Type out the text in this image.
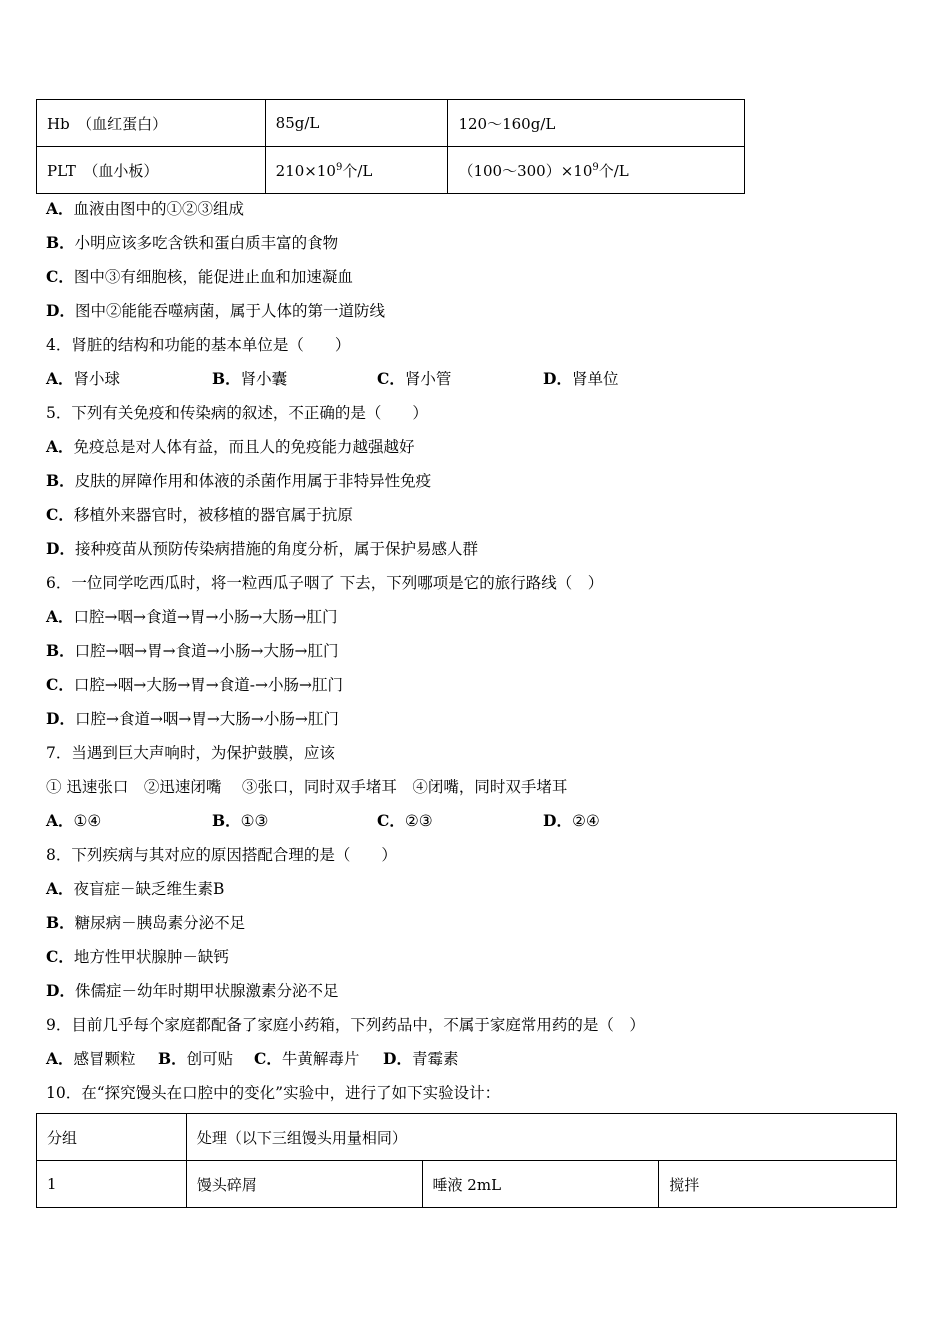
Hb　（血红蛋白）	85g/L	120～160g/L
PLT　（血小板）	$210\times 10^9$个/L	$(100\sim 300)\times 10^9$个/L
A．血液由图中的①②③组成
B．小明应该多吃含铁和蛋白质丰富的食物
C．图中③有细胞核，能促进止血和加速凝血
D．图中②能能吞噬病菌，属于人体的第一道防线
4．肾脏的结构和功能的基本单位是（　　）
A．肾小球	B．肾小囊	C．肾小管	D．肾单位
5．下列有关免疫和传染病的叙述，不正确的是（　　）
A．免疫总是对人体有益，而且人的免疫能力越强越好
B．皮肤的屏障作用和体液的杀菌作用属于非特异性免疫
C．移植外来器官时，被移植的器官属于抗原
D．接种疫苗从预防传染病措施的角度分析，属于保护易感人群
6．一位同学吃西瓜时，将一粒西瓜子咽了 下去，下列哪项是它的旅行路线（　）
A．口腔→咽→食道→胃→小肠→大肠→肛门
B．口腔→咽→胃→食道→小肠→大肠→肛门
C．口腔→咽→大肠→胃→食道-→小肠→肛门
D．口腔→食道→咽→胃→大肠→小肠→肛门
7．当遇到巨大声响时，为保护鼓膜，应该
① 迅速张口　②迅速闭嘴　 ③张口，同时双手堵耳　④闭嘴，同时双手堵耳
A．①④	B．①③	C．②③	D．②④
8．下列疾病与其对应的原因搭配合理的是（　　）
A．夜盲症－缺乏维生素B
B．糖尿病－胰岛素分泌不足
C．地方性甲状腺肿－缺钙
D．侏儒症－幼年时期甲状腺激素分泌不足
9．目前几乎每个家庭都配备了家庭小药箱，下列药品中，不属于家庭常用药的是（　）
A．感冒颗粒 B．创可贴 C．牛黄解毒片 D．青霉素
10．在“探究馒头在口腔中的变化”实验中，进行了如下实验设计：
分组	处理（以下三组馒头用量相同）		
1	馒头碎屑	唾液 2mL	搅拌
